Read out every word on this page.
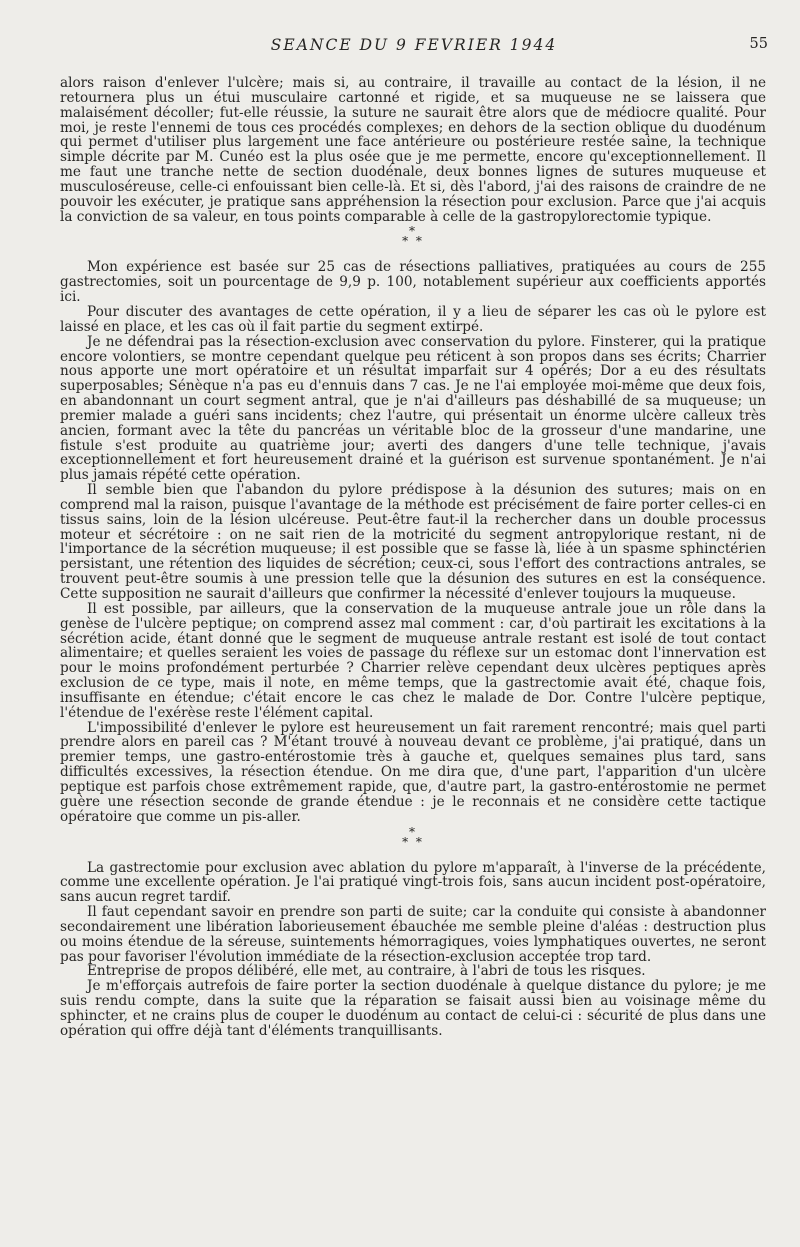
SEANCE DU 9 FEVRIER 1944	55

alors raison d'enlever l'ulcère; mais si, au contraire, il travaille au contact de la lésion, il ne retournera plus un étui musculaire cartonné et rigide, et sa muqueuse ne se laissera que malaisément décoller; fut-elle réussie, la suture ne saurait être alors que de médiocre qualité. Pour moi, je reste l'ennemi de tous ces procédés complexes; en dehors de la section oblique du duodénum qui permet d'utiliser plus largement une face antérieure ou postérieure restée saine, la technique simple décrite par M. Cunéo est la plus osée que je me permette, encore qu'exceptionnellement. Il me faut une tranche nette de section duodénale, deux bonnes lignes de sutures muqueuse et musculoséreuse, celle-ci enfouissant bien celle-là. Et si, dès l'abord, j'ai des raisons de craindre de ne pouvoir les exécuter, je pratique sans appréhension la résection pour exclusion. Parce que j'ai acquis la conviction de sa valeur, en tous points comparable à celle de la gastropylorectomie typique.

*
* *

Mon expérience est basée sur 25 cas de résections palliatives, pratiquées au cours de 255 gastrectomies, soit un pourcentage de 9,9 p. 100, notablement supérieur aux coefficients apportés ici.

Pour discuter des avantages de cette opération, il y a lieu de séparer les cas où le pylore est laissé en place, et les cas où il fait partie du segment extirpé.

Je ne défendrai pas la résection-exclusion avec conservation du pylore. Finsterer, qui la pratique encore volontiers, se montre cependant quelque peu réticent à son propos dans ses écrits; Charrier nous apporte une mort opératoire et un résultat imparfait sur 4 opérés; Dor a eu des résultats superposables; Sénèque n'a pas eu d'ennuis dans 7 cas. Je ne l'ai employée moi-même que deux fois, en abandonnant un court segment antral, que je n'ai d'ailleurs pas déshabillé de sa muqueuse; un premier malade a guéri sans incidents; chez l'autre, qui présentait un énorme ulcère calleux très ancien, formant avec la tête du pancréas un véritable bloc de la grosseur d'une mandarine, une fistule s'est produite au quatrième jour; averti des dangers d'une telle technique, j'avais exceptionnellement et fort heureusement drainé et la guérison est survenue spontanément. Je n'ai plus jamais répété cette opération.

Il semble bien que l'abandon du pylore prédispose à la désunion des sutures; mais on en comprend mal la raison, puisque l'avantage de la méthode est précisément de faire porter celles-ci en tissus sains, loin de la lésion ulcéreuse. Peut-être faut-il la rechercher dans un double processus moteur et sécrétoire : on ne sait rien de la motricité du segment antropylorique restant, ni de l'importance de la sécrétion muqueuse; il est possible que se fasse là, liée à un spasme sphinctérien persistant, une rétention des liquides de sécrétion; ceux-ci, sous l'effort des contractions antrales, se trouvent peut-être soumis à une pression telle que la désunion des sutures en est la conséquence. Cette supposition ne saurait d'ailleurs que confirmer la nécessité d'enlever toujours la muqueuse.

Il est possible, par ailleurs, que la conservation de la muqueuse antrale joue un rôle dans la genèse de l'ulcère peptique; on comprend assez mal comment : car, d'où partirait les excitations à la sécrétion acide, étant donné que le segment de muqueuse antrale restant est isolé de tout contact alimentaire; et quelles seraient les voies de passage du réflexe sur un estomac dont l'innervation est pour le moins profondément perturbée ? Charrier relève cependant deux ulcères peptiques après exclusion de ce type, mais il note, en même temps, que la gastrectomie avait été, chaque fois, insuffisante en étendue; c'était encore le cas chez le malade de Dor. Contre l'ulcère peptique, l'étendue de l'exérèse reste l'élément capital.

L'impossibilité d'enlever le pylore est heureusement un fait rarement rencontré; mais quel parti prendre alors en pareil cas ? M'étant trouvé à nouveau devant ce problème, j'ai pratiqué, dans un premier temps, une gastro-entérostomie très à gauche et, quelques semaines plus tard, sans difficultés excessives, la résection étendue. On me dira que, d'une part, l'apparition d'un ulcère peptique est parfois chose extrêmement rapide, que, d'autre part, la gastro-entérostomie ne permet guère une résection seconde de grande étendue : je le reconnais et ne considère cette tactique opératoire que comme un pis-aller.

*
* *

La gastrectomie pour exclusion avec ablation du pylore m'apparaît, à l'inverse de la précédente, comme une excellente opération. Je l'ai pratiqué vingt-trois fois, sans aucun incident post-opératoire, sans aucun regret tardif.

Il faut cependant savoir en prendre son parti de suite; car la conduite qui consiste à abandonner secondairement une libération laborieusement ébauchée me semble pleine d'aléas : destruction plus ou moins étendue de la séreuse, suintements hémorragiques, voies lymphatiques ouvertes, ne seront pas pour favoriser l'évolution immédiate de la résection-exclusion acceptée trop tard.

Entreprise de propos délibéré, elle met, au contraire, à l'abri de tous les risques.

Je m'efforçais autrefois de faire porter la section duodénale à quelque distance du pylore; je me suis rendu compte, dans la suite que la réparation se faisait aussi bien au voisinage même du sphincter, et ne crains plus de couper le duodénum au contact de celui-ci : sécurité de plus dans une opération qui offre déjà tant d'éléments tranquillisants.
